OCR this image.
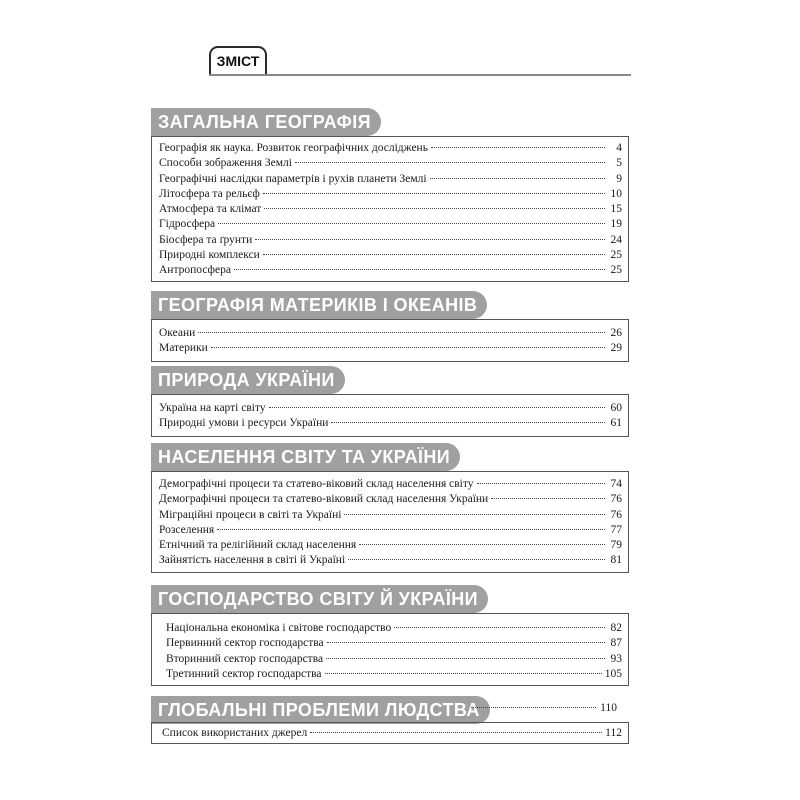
ЗМІСТ
ЗАГАЛЬНА ГЕОГРАФІЯ
Географія як наука. Розвиток географічних досліджень	4
Способи зображення Землі	5
Географічні наслідки параметрів і рухів планети Землі	9
Літосфера та рельєф	10
Атмосфера та клімат	15
Гідросфера	19
Біосфера та ґрунти	24
Природні комплекси	25
Антропосфера	25
ГЕОГРАФІЯ МАТЕРИКІВ І ОКЕАНІВ
Океани	26
Материки	29
ПРИРОДА УКРАЇНИ
Україна на карті світу	60
Природні умови і ресурси України	61
НАСЕЛЕННЯ СВІТУ ТА УКРАЇНИ
Демографічні процеси та статево-віковий склад населення світу	74
Демографічні процеси та статево-віковий склад населення України	76
Міграційні процеси в світі та Україні	76
Розселення	77
Етнічний та релігійний склад населення	79
Зайнятість населення в світі й Україні	81
ГОСПОДАРСТВО СВІТУ Й УКРАЇНИ
Національна економіка і світове господарство	82
Первинний сектор господарства	87
Вторинний сектор господарства	93
Третинний сектор господарства	105
ГЛОБАЛЬНІ ПРОБЛЕМИ ЛЮДСТВА	110
Список використаних джерел	112
